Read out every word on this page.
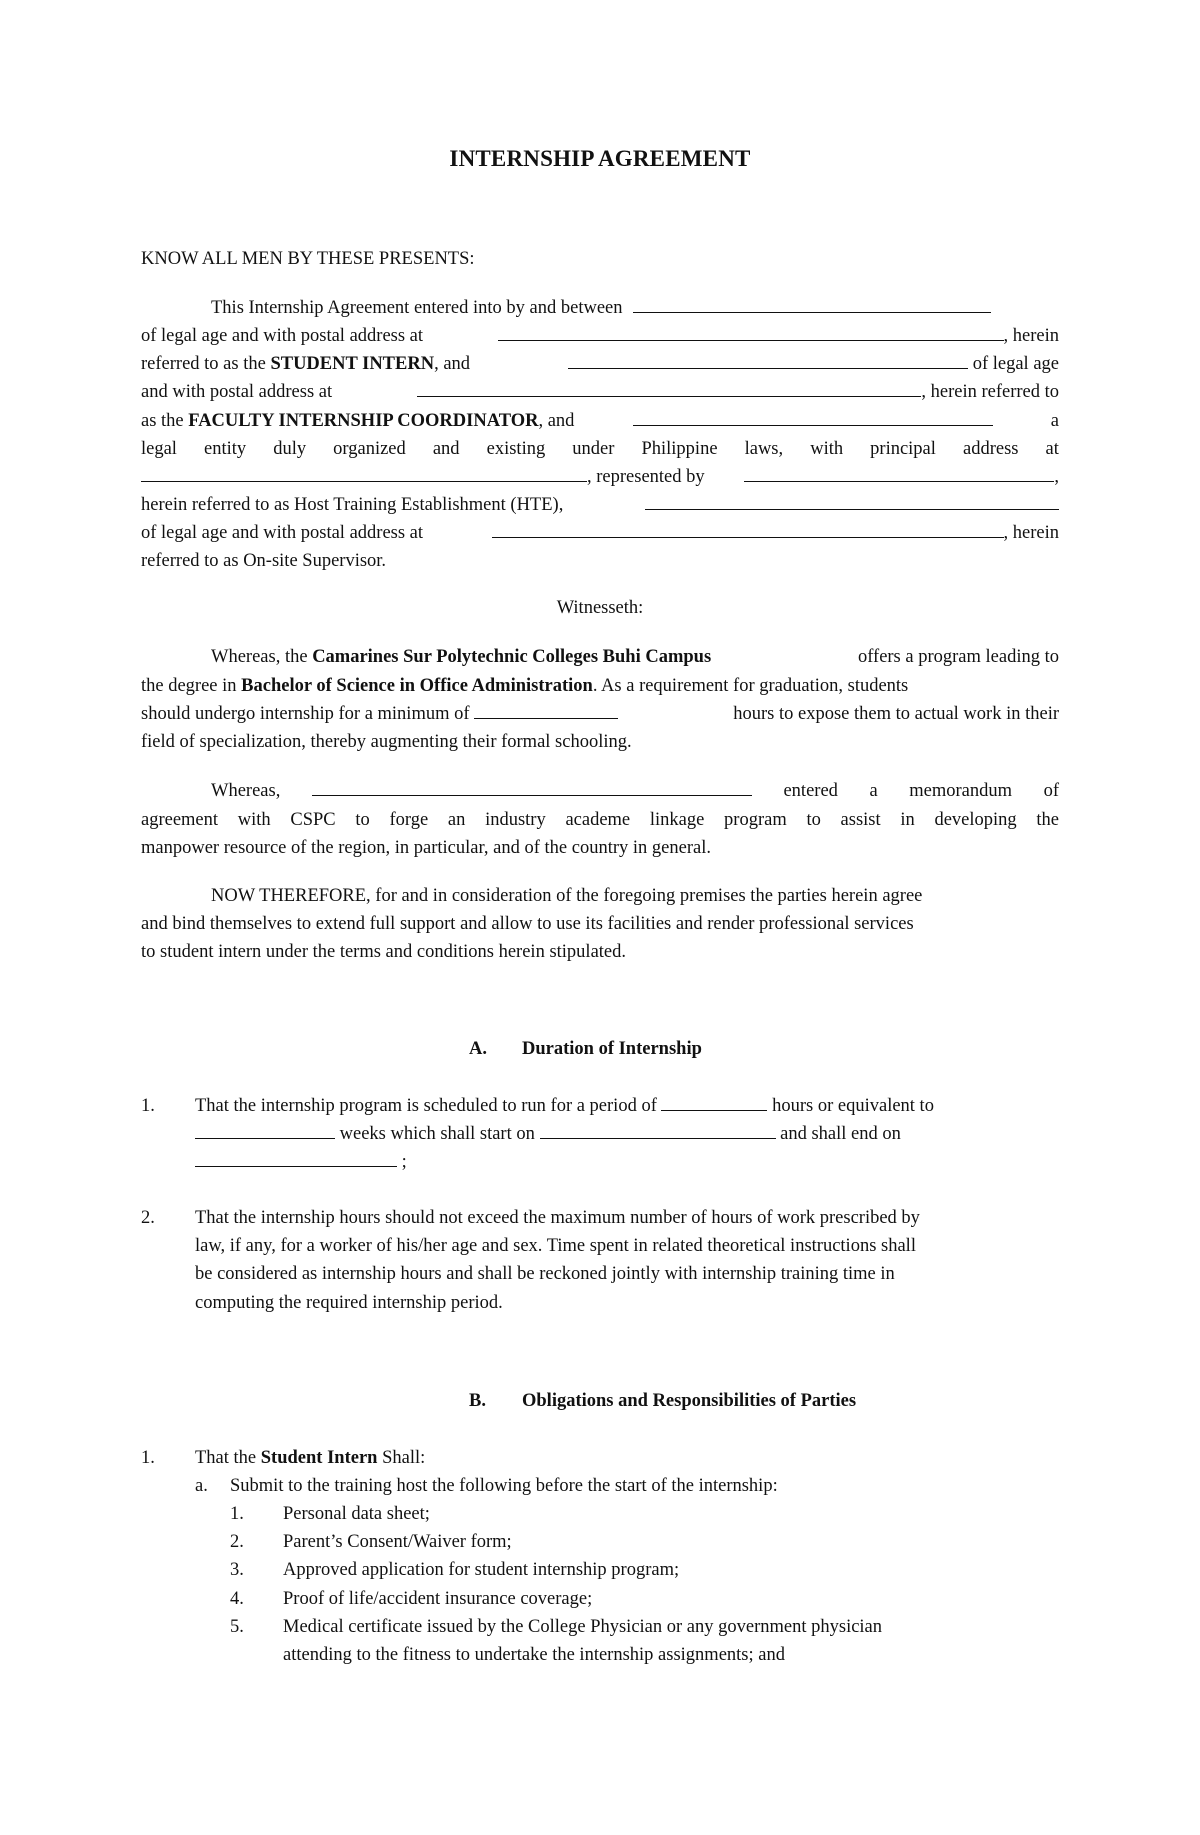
INTERNSHIP AGREEMENT
KNOW ALL MEN BY THESE PRESENTS:
This Internship Agreement entered into by and between
of legal age and with postal address at	, herein
referred to as the STUDENT INTERN, and	of legal age
and with postal address at	, herein referred to
as the FACULTY INTERNSHIP COORDINATOR, and	a
legal entity duly organized and existing under Philippine laws, with principal address at
, represented by	,
herein referred to as Host Training Establishment (HTE),
of legal age and with postal address at	, herein
referred to as On-site Supervisor.
Witnesseth:
Whereas, the Camarines Sur Polytechnic Colleges Buhi Campus	offers a program leading to
the degree in Bachelor of Science in Office Administration. As a requirement for graduation, students
should undergo internship for a minimum of	hours to expose them to actual work in their
field of specialization, thereby augmenting their formal schooling.
Whereas,	entered a memorandum of
agreement with CSPC to forge an industry academe linkage program to assist in developing the
manpower resource of the region, in particular, and of the country in general.
NOW THEREFORE, for and in consideration of the foregoing premises the parties herein agree
and bind themselves to extend full support and allow to use its facilities and render professional services
to student intern under the terms and conditions herein stipulated.
A. Duration of Internship
1. That the internship program is scheduled to run for a period of	hours or equivalent to
weeks which shall start on	and shall end on
;
2. That the internship hours should not exceed the maximum number of hours of work prescribed by
law, if any, for a worker of his/her age and sex. Time spent in related theoretical instructions shall
be considered as internship hours and shall be reckoned jointly with internship training time in
computing the required internship period.
B. Obligations and Responsibilities of Parties
1. That the Student Intern Shall:
a. Submit to the training host the following before the start of the internship:
1. Personal data sheet;
2. Parent’s Consent/Waiver form;
3. Approved application for student internship program;
4. Proof of life/accident insurance coverage;
5. Medical certificate issued by the College Physician or any government physician
attending to the fitness to undertake the internship assignments; and
